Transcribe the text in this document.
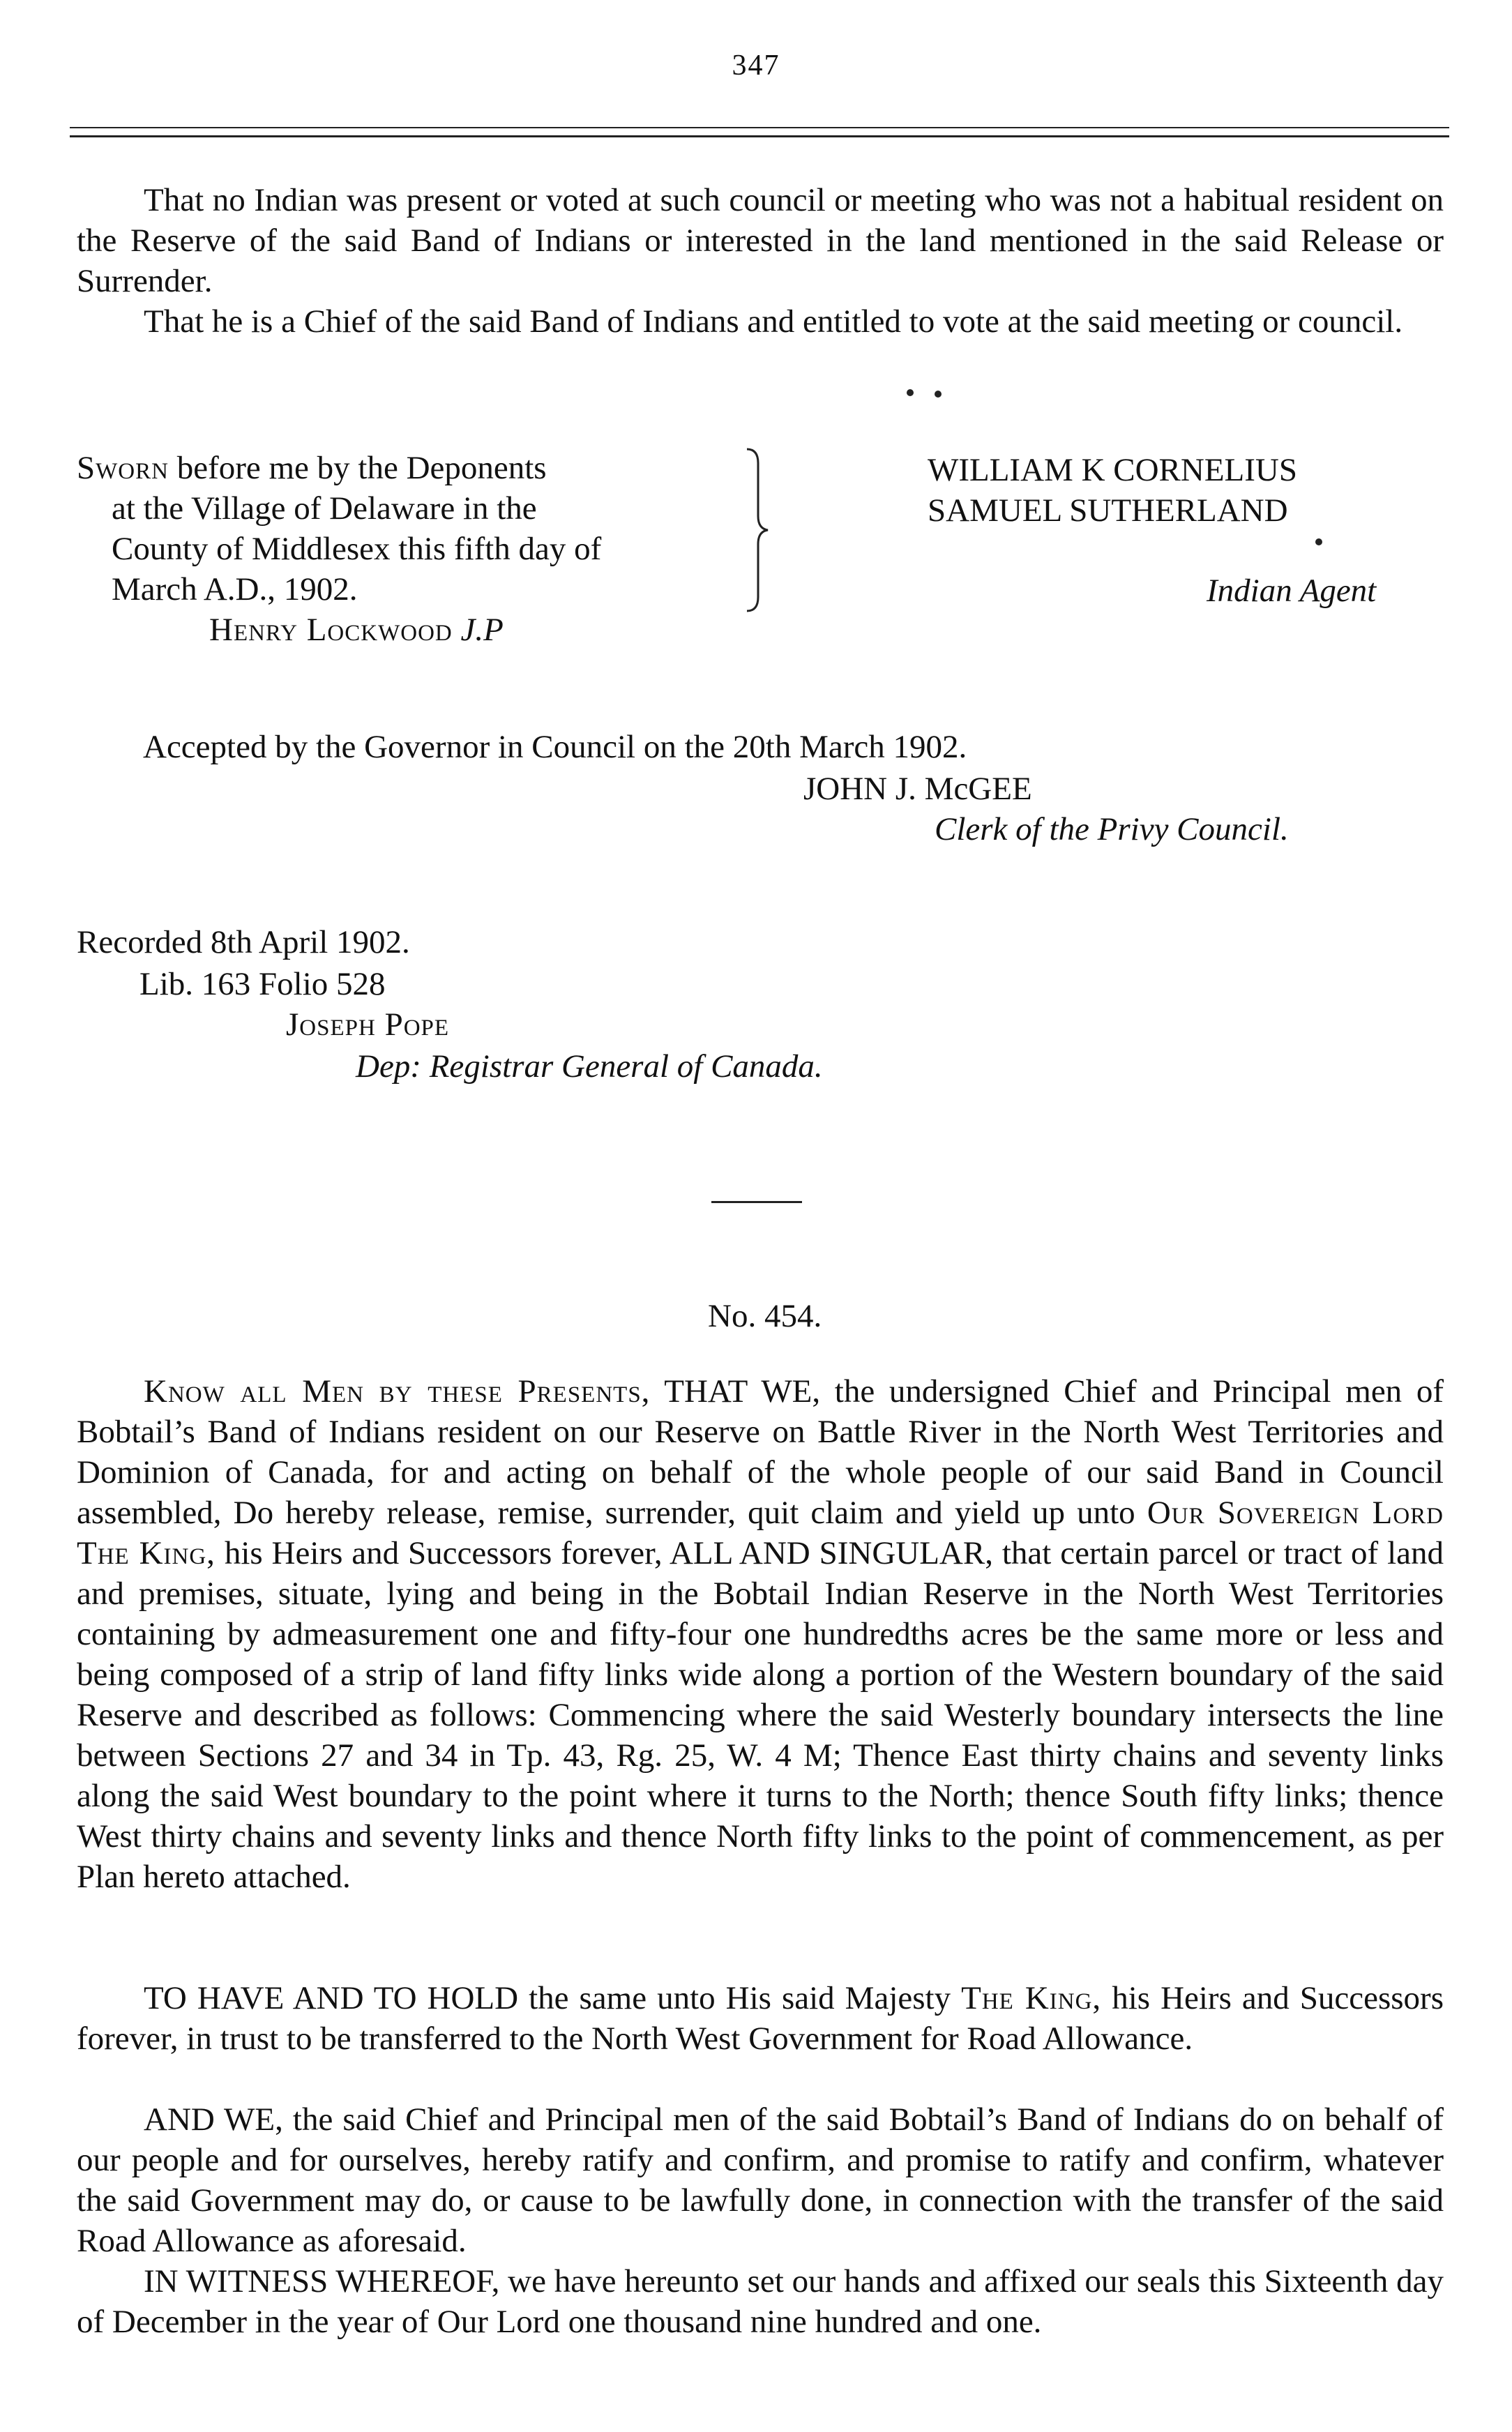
347

That no Indian was present or voted at such council or meeting who was not a habitual resident on the Reserve of the said Band of Indians or interested in the land mentioned in the said Release or Surrender.

That he is a Chief of the said Band of Indians and entitled to vote at the said meeting or council.

Sworn before me by the Deponents
at the Village of Delaware in the
County of Middlesex this fifth day of
March A.D., 1902.
Henry Lockwood J.P
WILLIAM K CORNELIUS
SAMUEL SUTHERLAND
Indian Agent
Accepted by the Governor in Council on the 20th March 1902.
JOHN J. McGEE
Clerk of the Privy Council.
Recorded 8th April 1902.
Lib. 163 Folio 528
Joseph Pope
Dep: Registrar General of Canada.
No. 454.

Know all Men by these Presents, THAT WE, the undersigned Chief and Principal men of Bobtail’s Band of Indians resident on our Reserve on Battle River in the North West Territories and Dominion of Canada, for and acting on behalf of the whole people of our said Band in Council assembled, Do hereby release, remise, surrender, quit claim and yield up unto Our Sovereign Lord The King, his Heirs and Successors forever, ALL AND SINGULAR, that certain parcel or tract of land and premises, situate, lying and being in the Bobtail Indian Reserve in the North West Territories containing by admeasurement one and fifty-four one hundredths acres be the same more or less and being composed of a strip of land fifty links wide along a portion of the Western boundary of the said Reserve and described as follows: Commencing where the said Westerly boundary intersects the line between Sections 27 and 34 in Tp. 43, Rg. 25, W. 4 M; Thence East thirty chains and seventy links along the said West boundary to the point where it turns to the North; thence South fifty links; thence West thirty chains and seventy links and thence North fifty links to the point of commencement, as per Plan hereto attached.

TO HAVE AND TO HOLD the same unto His said Majesty The King, his Heirs and Successors forever, in trust to be transferred to the North West Government for Road Allowance.

AND WE, the said Chief and Principal men of the said Bobtail’s Band of Indians do on behalf of our people and for ourselves, hereby ratify and confirm, and promise to ratify and confirm, whatever the said Government may do, or cause to be lawfully done, in connection with the transfer of the said Road Allowance as aforesaid.

IN WITNESS WHEREOF, we have hereunto set our hands and affixed our seals this Sixteenth day of December in the year of Our Lord one thousand nine hundred and one.
